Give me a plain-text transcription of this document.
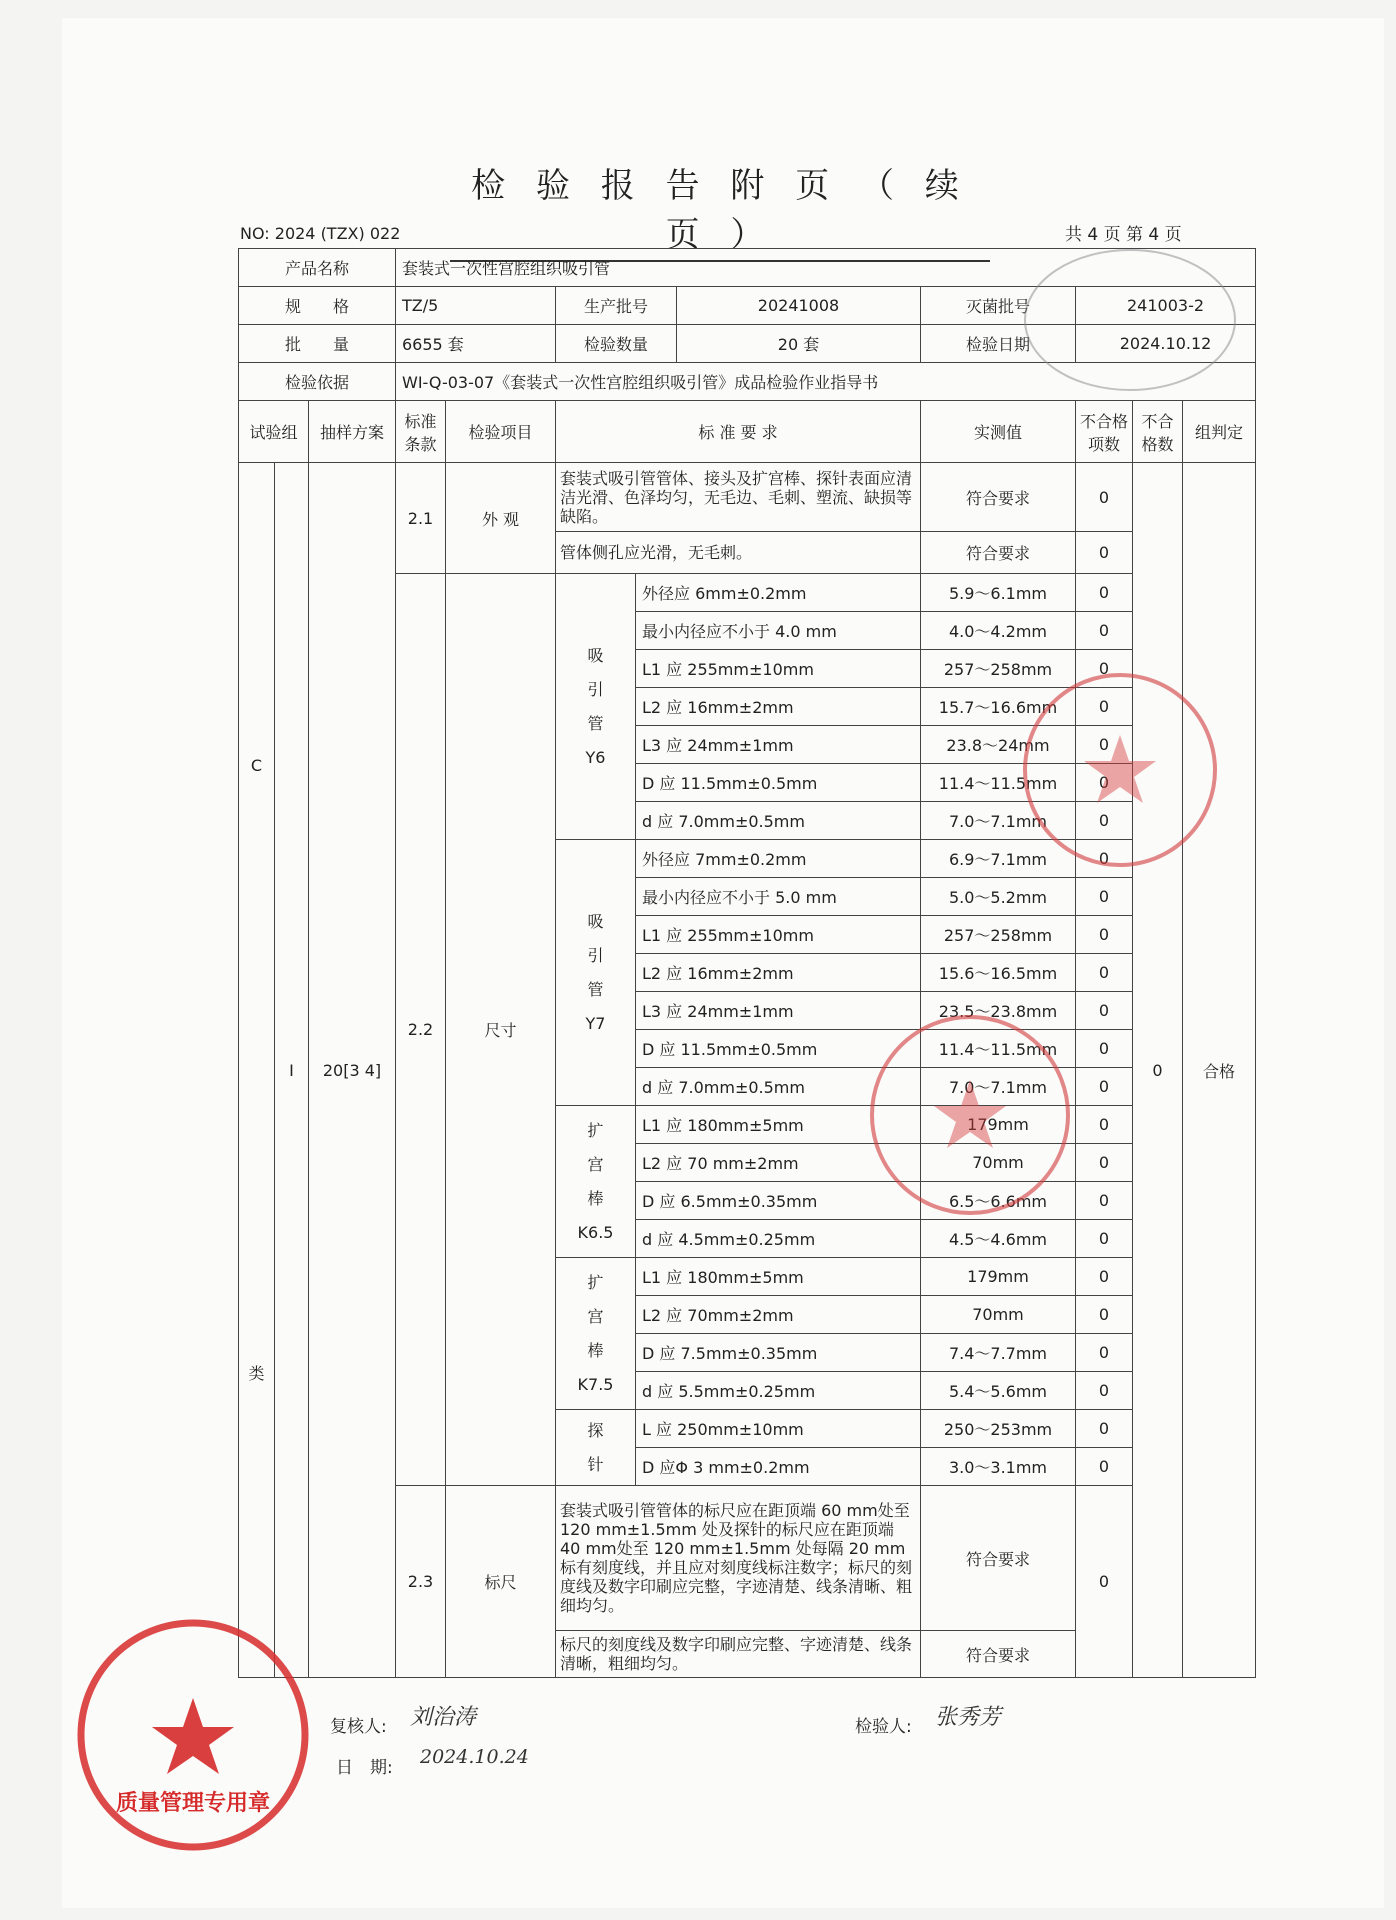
检 验 报 告 附 页 （ 续 页 ）
NO: 2024 (TZX) 022	共 4 页 第 4 页
产品名称			套装式一次性宫腔组织吸引管							
规　　格			TZ/5		生产批号 20241008		灭菌批号	241003-2		
批　　量			6655 套		检验数量 20 套		检验日期	2024.10.12		
检验依据			WI-Q-03-07《套装式一次性宫腔组织吸引管》成品检验作业指导书							
试验组		抽样方案	标准条款	检验项目	标 准 要 求		实测值	不合格项数	不合格数	组判定

C
类	I	20[3 4]	2.1	外 观	套装式吸引管管体、接头及扩宫棒、探针表面应清洁光滑、色泽均匀，无毛边、毛刺、塑流、缺损等缺陷。		符合要求	0	0	合格
					管体侧孔应光滑，无毛刺。		符合要求	0		
			2.2	尺寸	吸
引
管
Y6	外径应 6mm±0.2mm	5.9～6.1mm	0		
						最小内径应不小于 4.0 mm	4.0～4.2mm	0		
						L1 应 255mm±10mm	257～258mm	0		
						L2 应 16mm±2mm	15.7～16.6mm	0		
						L3 应 24mm±1mm	23.8～24mm	0		
						D 应 11.5mm±0.5mm	11.4～11.5mm	0		
						d 应 7.0mm±0.5mm	7.0～7.1mm	0		

					吸
引
管
Y7	外径应 7mm±0.2mm	6.9～7.1mm	0		
						最小内径应不小于 5.0 mm	5.0～5.2mm	0		
						L1 应 255mm±10mm	257～258mm	0		
						L2 应 16mm±2mm	15.6～16.5mm	0		
						L3 应 24mm±1mm	23.5～23.8mm	0		
						D 应 11.5mm±0.5mm	11.4～11.5mm	0		
						d 应 7.0mm±0.5mm	7.0～7.1mm	0		

					扩
宫
棒
K6.5	L1 应 180mm±5mm	179mm	0		
						L2 应 70 mm±2mm	70mm	0		
						D 应 6.5mm±0.35mm	6.5～6.6mm	0		
						d 应 4.5mm±0.25mm	4.5～4.6mm	0		

					扩
宫
棒
K7.5	L1 应 180mm±5mm	179mm	0		
						L2 应 70mm±2mm	70mm	0		
						D 应 7.5mm±0.35mm	7.4～7.7mm	0		
						d 应 5.5mm±0.25mm	5.4～5.6mm	0		

					探
针	L 应 250mm±10mm	250～253mm	0		
						D 应Φ 3 mm±0.2mm	3.0～3.1mm	0		
			2.3	标尺	套装式吸引管管体的标尺应在距顶端 60 mm处至 120 mm±1.5mm 处及探针的标尺应在距顶端 40 mm处至 120 mm±1.5mm 处每隔 20 mm标有刻度线，并且应对刻度线标注数字；标尺的刻度线及数字印刷应完整，字迹清楚、线条清晰、粗细均匀。		符合要求	0		
					标尺的刻度线及数字印刷应完整、字迹清楚、线条清晰，粗细均匀。		符合要求			
复核人: 刘治涛
日　期: 2024.10.24
检验人: 张秀芳
质量管理专用章
